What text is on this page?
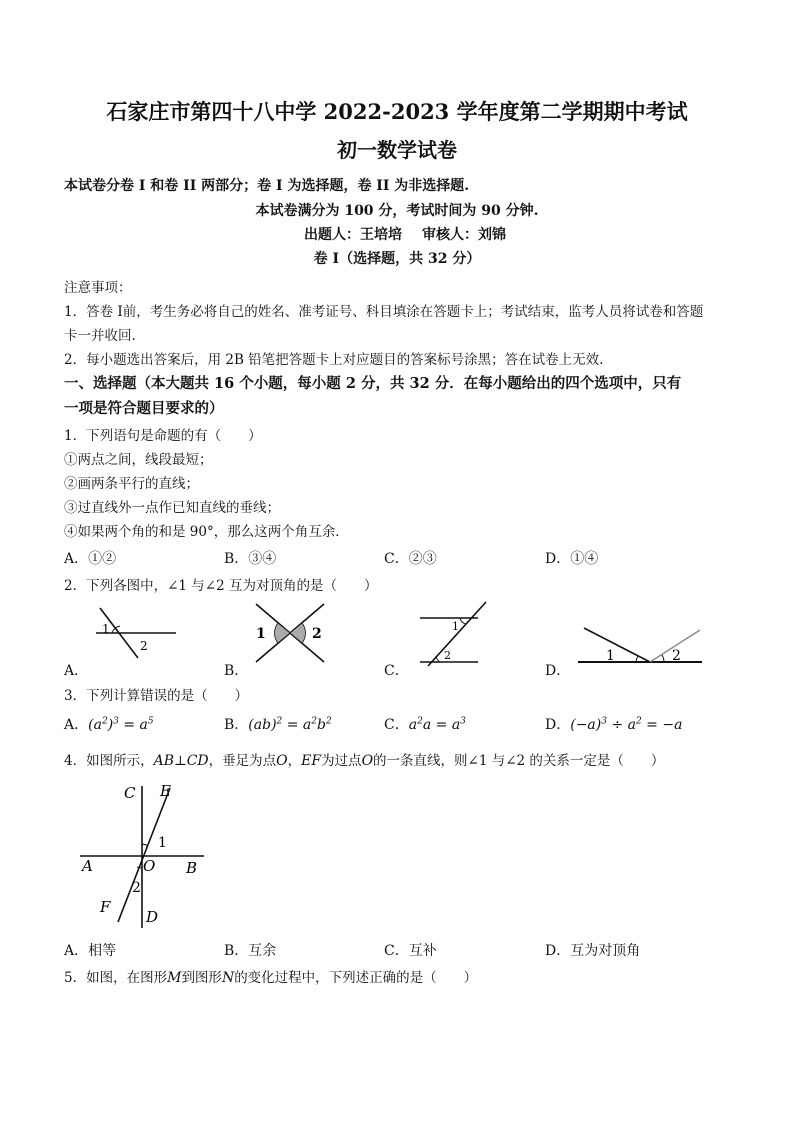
石家庄市第四十八中学 2022-2023 学年度第二学期期中考试
初一数学试卷
本试卷分卷 I 和卷 II 两部分；卷 I 为选择题，卷 II 为非选择题.
本试卷满分为 100 分，考试时间为 90 分钟.
出题人：王培培 审核人：刘锦
卷 I（选择题，共 32 分）
注意事项：
1．答卷 I前，考生务必将自己的姓名、准考证号、科目填涂在答题卡上；考试结束，监考人员将试卷和答题
卡一并收回.
2．每小题选出答案后，用 2B 铅笔把答题卡上对应题目的答案标号涂黑；答在试卷上无效.
一、选择题（本大题共 16 个小题，每小题 2 分，共 32 分．在每小题给出的四个选项中，只有
一项是符合题目要求的）
1．下列语句是命题的有（　　）
①两点之间，线段最短；
②画两条平行的直线；
③过直线外一点作已知直线的垂线；
④如果两个角的和是 90°，那么这两个角互余．
A．①②	B．③④	C．②③	D．①④
2．下列各图中，∠1 与∠2 互为对顶角的是（　　）
1
2
A．
1	2
B．
1
2
C．
1	2
D．
3．下列计算错误的是（　　）
A．$(a^2)^3 = a^5$	B．$(ab)^2 = a^2b^2$	C．$a^2a = a^3$	D．$(-a)^3 \div a^2 = -a$
4．如图所示，AB⊥CD，垂足为点O，EF为过点O的一条直线，则∠1 与∠2 的关系一定是（　　）
C E
1
A	O B
2
F
D
A．相等	B．互余	C．互补	D．互为对顶角
5．如图，在图形M到图形N的变化过程中，下列述正确的是（　　）
